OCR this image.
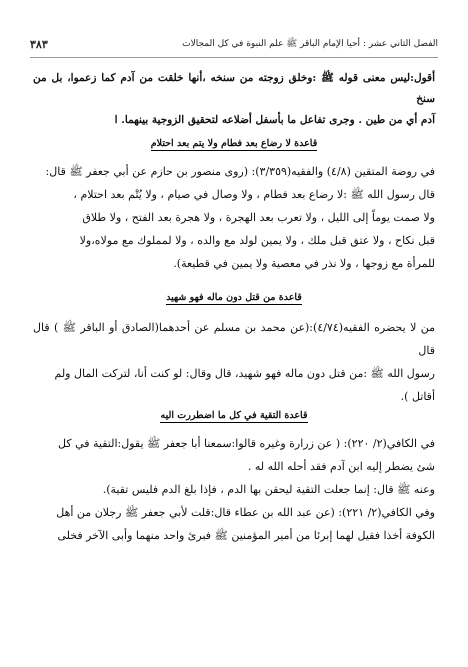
الفصل الثاني عشر : أحيا الإمام الباقر ﷺ علم النبوة في كل المجالات
٣٨٣
أقول:ليس معنى قوله ﷺ :وخلق زوجته من سنخه ،أنها خلقت من آدم كما زعموا، بل من سنخ
آدم أي من طين . وجرى تفاعل ما بأسفل أضلاعه لتحقيق الزوجية بينهما. ا
قاعدة لا رضاع بعد فطام ولا يتم بعد احتلام
في روضة المتقين (٤/٨) والفقيه(٣/٣٥٩): (روى منصور بن حازم عن أبي جعفر ﷺ قال:
قال رسول الله ﷺ :لا رضاع بعد فطام ، ولا وصال في صيام ، ولا يُتْم بعد احتلام ،
ولا صمت يوماً إلى الليل ، ولا تعرب بعد الهجرة ، ولا هجرة بعد الفتح ، ولا طلاق
قبل نكاح ، ولا عتق قبل ملك ، ولا يمين لولد مع والده ، ولا لمملوك مع مولاه،ولا
للمرأة مع زوجها ، ولا نذر في معصية ولا يمين في قطيعة).
قاعدة من قتل دون ماله فهو شهيد
من لا يحضره الفقيه(٤/٧٤):(عن محمد بن مسلم عن أحدهما(الصادق أو الباقر ﷺ ) قال قال
رسول الله ﷺ :من قتل دون ماله فهو شهيد، قال وقال: لو كنت أنا، لتركت المال ولم
أقاتل ).
قاعدة التقية في كل ما اضطررت اليه
في الكافي(٢/ ٢٢٠): ( عن زرارة وغيره قالوا:سمعنا أبا جعفر ﷺ يقول:التقية في كل
شئ يضطر إليه ابن آدم فقد أحله الله له .
وعنه ﷺ قال: إنما جعلت التقية ليحقن بها الدم ، فإذا بلغ الدم فليس تقية).
وفي الكافي(٢/ ٢٢١): (عن عبد الله بن عطاء قال:قلت لأبي جعفر ﷺ رجلان من أهل
الكوفة أخذا فقيل لهما إبرئا من أمير المؤمنين ﷺ فبرئ واحد منهما وأبى الآخر فخلى
